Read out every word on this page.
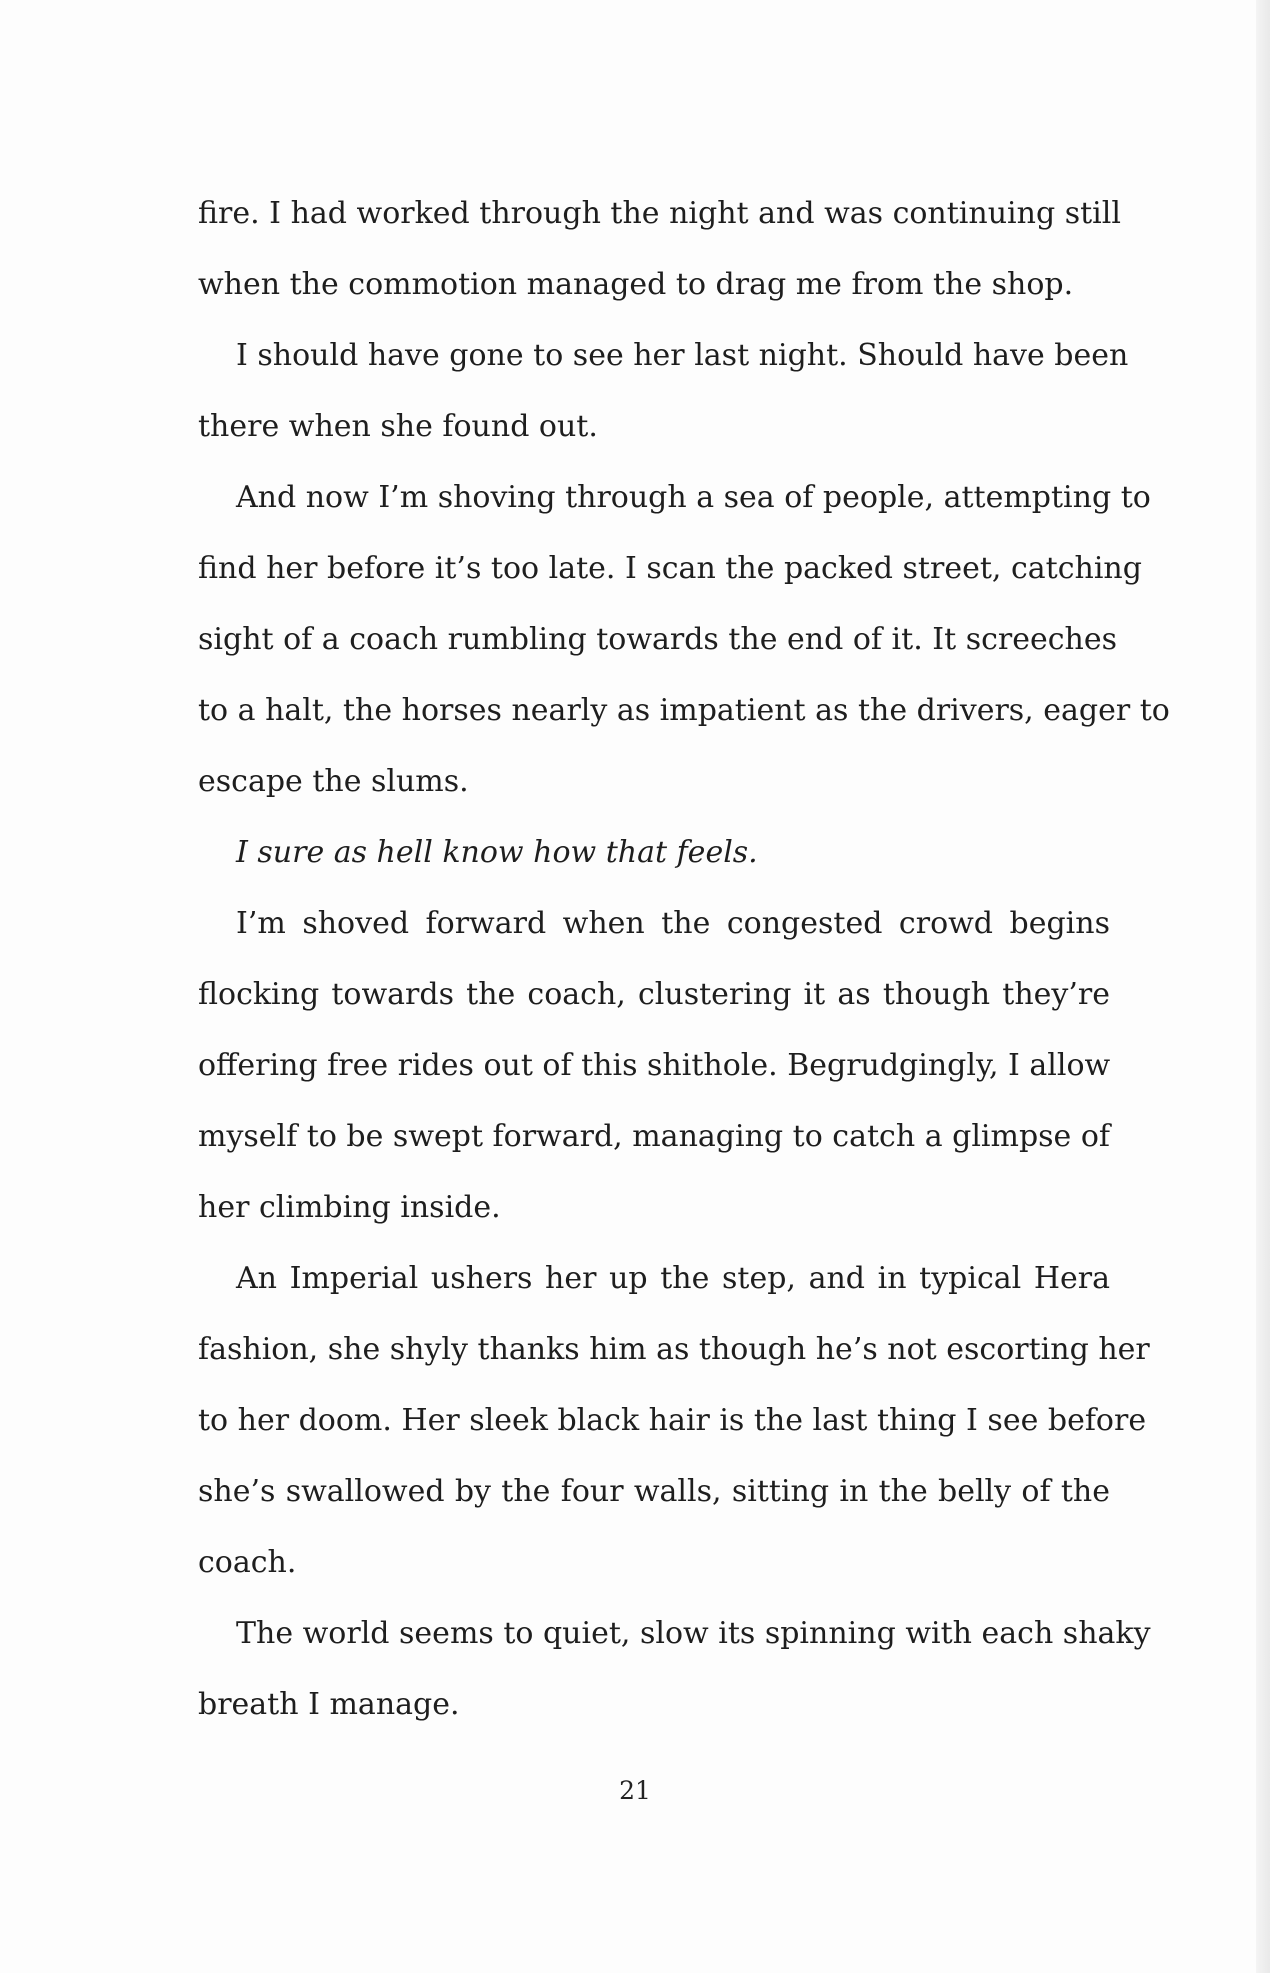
fire. I had worked through the night and was continuing still
when the commotion managed to drag me from the shop.
I should have gone to see her last night. Should have been
there when she found out.
And now I’m shoving through a sea of people, attempting to
find her before it’s too late. I scan the packed street, catching
sight of a coach rumbling towards the end of it. It screeches
to a halt, the horses nearly as impatient as the drivers, eager to
escape the slums.
I sure as hell know how that feels.
I’m shoved forward when the congested crowd begins
flocking towards the coach, clustering it as though they’re
offering free rides out of this shithole. Begrudgingly, I allow
myself to be swept forward, managing to catch a glimpse of
her climbing inside.
An Imperial ushers her up the step, and in typical Hera
fashion, she shyly thanks him as though he’s not escorting her
to her doom. Her sleek black hair is the last thing I see before
she’s swallowed by the four walls, sitting in the belly of the
coach.
The world seems to quiet, slow its spinning with each shaky
breath I manage.
21
